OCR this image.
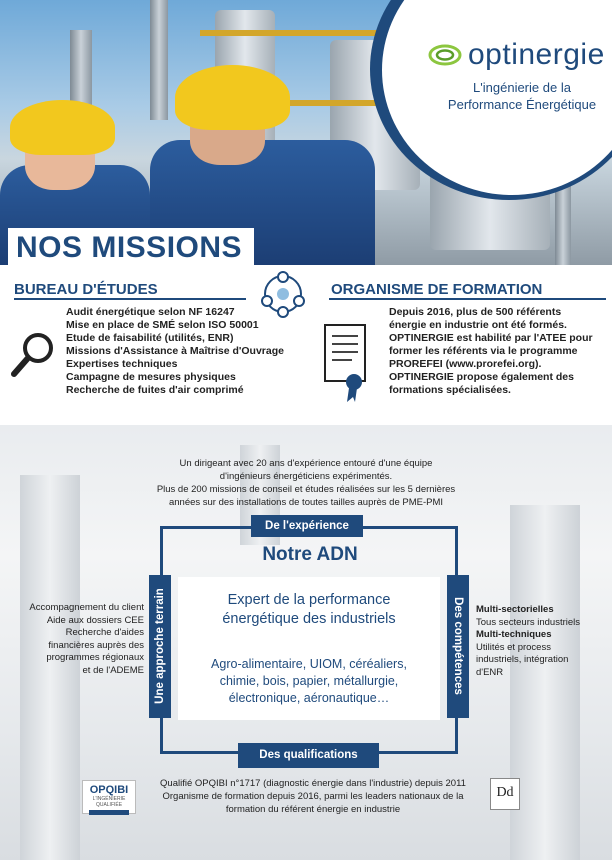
Société de Conseil Indépendante
optinergie
L'ingénierie de la
Performance Énergétique
NOS MISSIONS
BUREAU D'ÉTUDES
Audit énergétique selon NF 16247
Mise en place de SMÉ selon ISO 50001
Etude de faisabilité (utilités, ENR)
Missions d'Assistance à Maîtrise d'Ouvrage
Expertises techniques
Campagne de mesures physiques
Recherche de fuites d'air comprimé
ORGANISME DE FORMATION
Depuis 2016, plus de 500 référents
énergie en industrie ont été formés.
OPTINERGIE est habilité par l'ATEE pour
former les référents via le programme
PROREFEI (www.prorefei.org).
OPTINERGIE propose également des
formations spécialisées.
Un dirigeant avec 20 ans d'expérience entouré d'une équipe
d'ingénieurs énergéticiens expérimentés.
Plus de 200 missions de conseil et études réalisées sur les 5 dernières
années sur des installations de toutes tailles auprès de PME-PMI
De l'expérience
Des qualifications
Une approche terrain	Des compétences
Notre ADN
Expert de la performance
énergétique des industriels
Agro-alimentaire, UIOM, céréaliers,
chimie, bois, papier, métallurgie,
électronique, aéronautique…
Accompagnement du client
Aide aux dossiers CEE
Recherche d'aides
financières auprès des
programmes régionaux
et de l'ADEME
Multi-sectorielles
Tous secteurs industriels
Multi-techniques
Utilités et process
industriels, intégration
d'ENR
OPQIBI
L'INGÉNIERIE QUALIFIÉE
Qualifié OPQIBI n°1717 (diagnostic énergie dans l'industrie) depuis 2011
Organisme de formation depuis 2016, parmi les leaders nationaux de la
formation du référent énergie en industrie
Dd
